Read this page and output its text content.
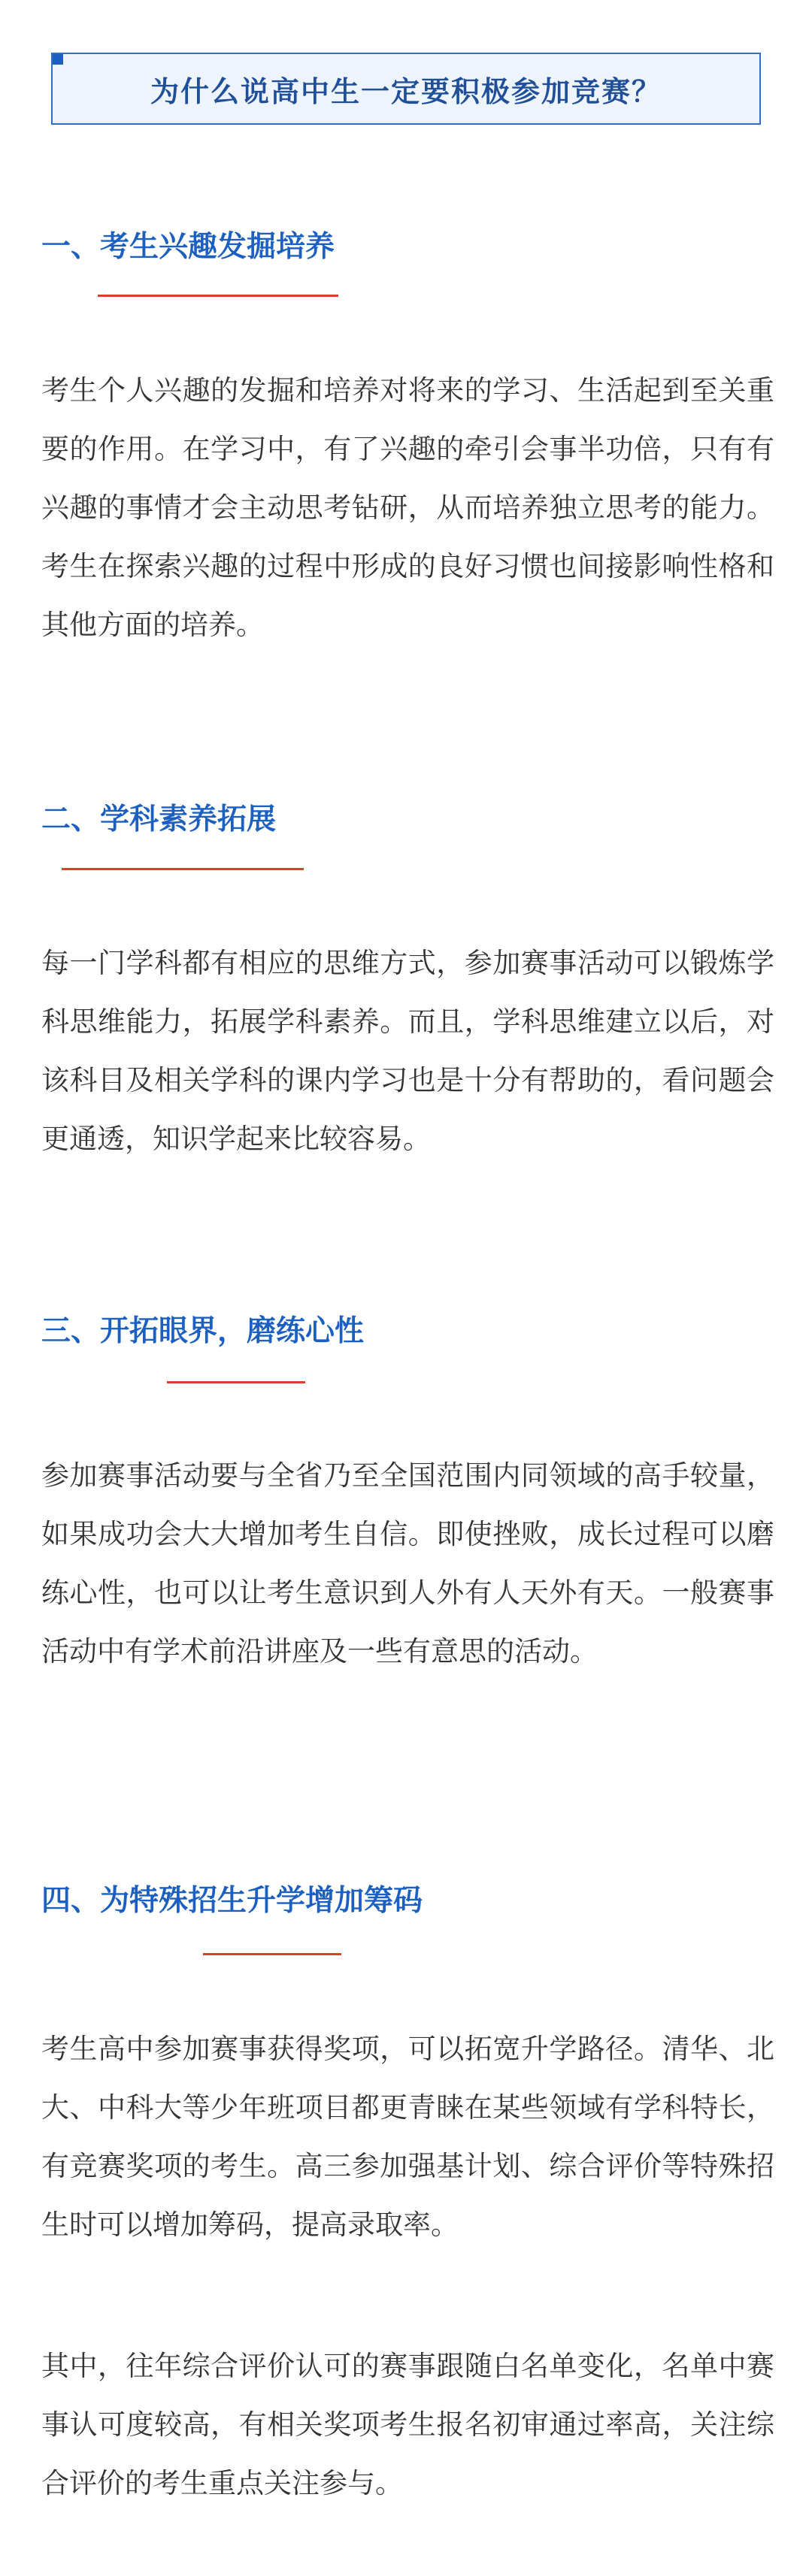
为什么说高中生一定要积极参加竞赛？
一、考生兴趣发掘培养

考生个人兴趣的发掘和培养对将来的学习、生活起到至关重要的作用。在学习中，有了兴趣的牵引会事半功倍，只有有兴趣的事情才会主动思考钻研，从而培养独立思考的能力。考生在探索兴趣的过程中形成的良好习惯也间接影响性格和其他方面的培养。

二、学科素养拓展

每一门学科都有相应的思维方式，参加赛事活动可以锻炼学科思维能力，拓展学科素养。而且，学科思维建立以后，对该科目及相关学科的课内学习也是十分有帮助的，看问题会更通透，知识学起来比较容易。

三、开拓眼界，磨练心性

参加赛事活动要与全省乃至全国范围内同领域的高手较量，如果成功会大大增加考生自信。即使挫败，成长过程可以磨练心性，也可以让考生意识到人外有人天外有天。一般赛事活动中有学术前沿讲座及一些有意思的活动。

四、为特殊招生升学增加筹码

考生高中参加赛事获得奖项，可以拓宽升学路径。清华、北大、中科大等少年班项目都更青睐在某些领域有学科特长，有竞赛奖项的考生。高三参加强基计划、综合评价等特殊招生时可以增加筹码，提高录取率。

其中，往年综合评价认可的赛事跟随白名单变化，名单中赛事认可度较高，有相关奖项考生报名初审通过率高，关注综合评价的考生重点关注参与。
